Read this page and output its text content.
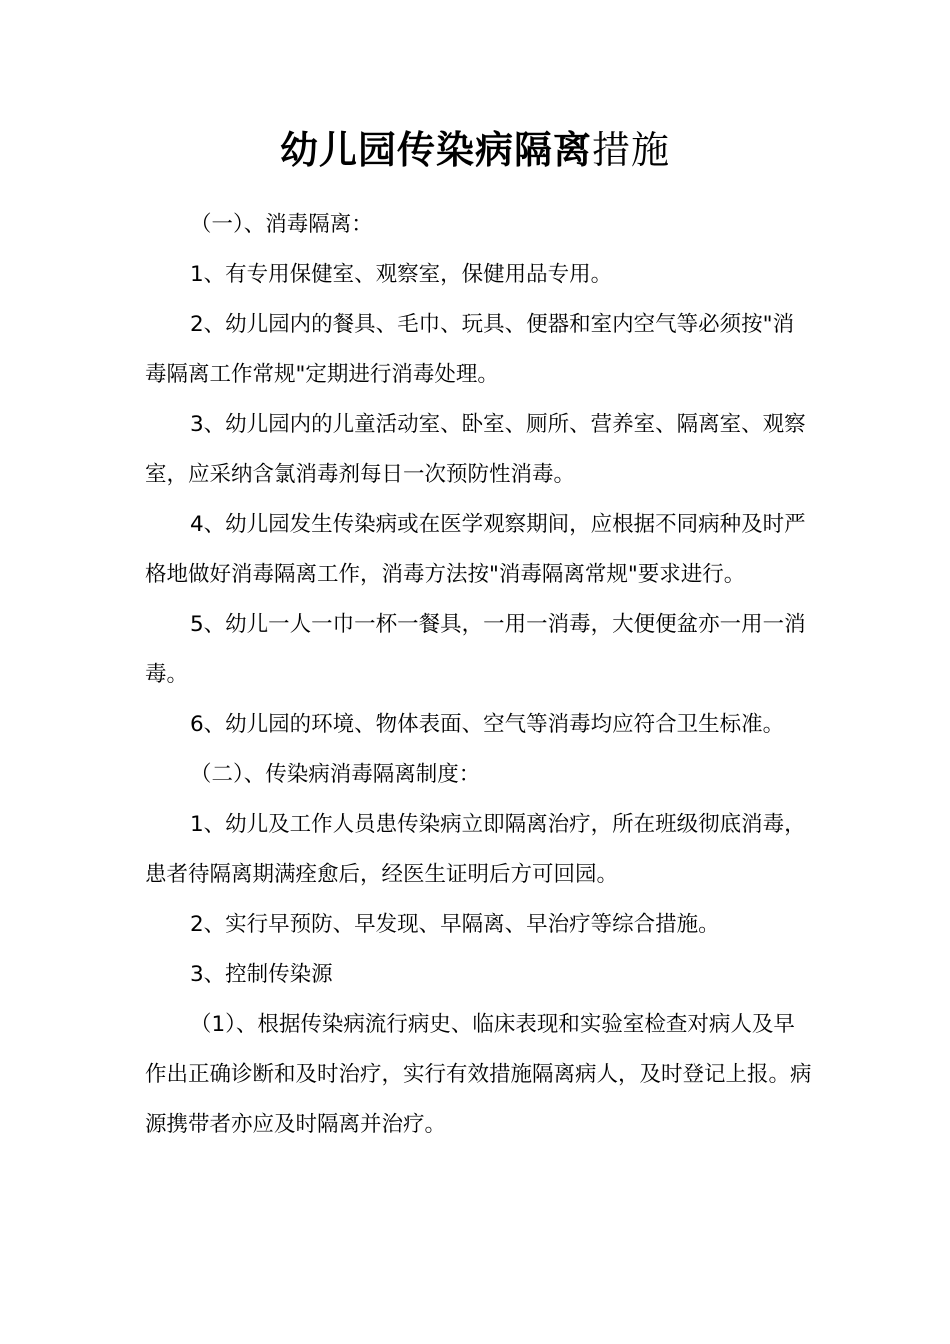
幼儿园传染病隔离措施

（一）、消毒隔离：

1、有专用保健室、观察室，保健用品专用。

2、幼儿园内的餐具、毛巾、玩具、便器和室内空气等必须按"消毒隔离工作常规"定期进行消毒处理。

3、幼儿园内的儿童活动室、卧室、厕所、营养室、隔离室、观察室，应采纳含氯消毒剂每日一次预防性消毒。

4、幼儿园发生传染病或在医学观察期间，应根据不同病种及时严格地做好消毒隔离工作，消毒方法按"消毒隔离常规"要求进行。

5、幼儿一人一巾一杯一餐具，一用一消毒，大便便盆亦一用一消毒。

6、幼儿园的环境、物体表面、空气等消毒均应符合卫生标准。

（二）、传染病消毒隔离制度：

1、幼儿及工作人员患传染病立即隔离治疗，所在班级彻底消毒，患者待隔离期满痊愈后，经医生证明后方可回园。

2、实行早预防、早发现、早隔离、早治疗等综合措施。

3、控制传染源

（1）、根据传染病流行病史、临床表现和实验室检查对病人及早作出正确诊断和及时治疗，实行有效措施隔离病人，及时登记上报。病源携带者亦应及时隔离并治疗。
